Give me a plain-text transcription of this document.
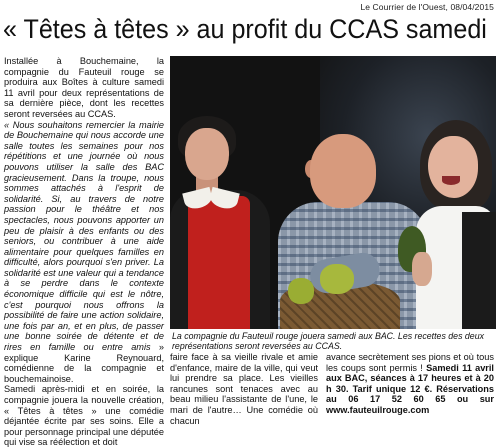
Le Courrier de l'Ouest, 08/04/2015
« Têtes à têtes » au profit du CCAS samedi

Installée à Bouchemaine, la compagnie du Fauteuil rouge se produira aux Boîtes à culture samedi 11 avril pour deux représentations de sa dernière pièce, dont les recettes seront reversées au CCAS.

« Nous souhaitons remercier la mairie de Bouchemaine qui nous accorde une salle toutes les semaines pour nos répétitions et une journée où nous pouvons utiliser la salle des BAC gracieusement. Dans la troupe, nous sommes attachés à l'esprit de solidarité. Si, au travers de notre passion pour le théâtre et nos spectacles, nous pouvons apporter un peu de plaisir à des enfants ou des seniors, ou contribuer à une aide alimentaire pour quelques familles en difficulté, alors pourquoi s'en priver. La solidarité est une valeur qui a tendance à se perdre dans le contexte économique difficile qui est le nôtre, c'est pourquoi nous offrons la possibilité de faire une action solidaire, une fois par an, et en plus, de passer une bonne soirée de détente et de rires en famille ou entre amis » explique Karine Reynouard, comédienne de la compagnie et bouchemainoise.

Samedi après-midi et en soirée, la compagnie jouera la nouvelle création, « Têtes à têtes » une comédie déjantée écrite par ses soins. Elle a pour personnage principal une députée qui vise sa réélection et doit

La compagnie du Fauteuil rouge jouera samedi aux BAC. Les recettes des deux représentations seront reversées au CCAS.

faire face à sa vieille rivale et amie d'enfance, maire de la ville, qui veut lui prendre sa place. Les vieilles rancunes sont tenaces avec au beau milieu l'assistante de l'une, le mari de l'autre… Une comédie où chacun
avance secrètement ses pions et où tous les coups sont permis ! Samedi 11 avril aux BAC, séances à 17 heures et à 20 h 30. Tarif unique 12 €. Réservations au 06 17 52 60 65 ou sur www.fauteuilrouge.com
